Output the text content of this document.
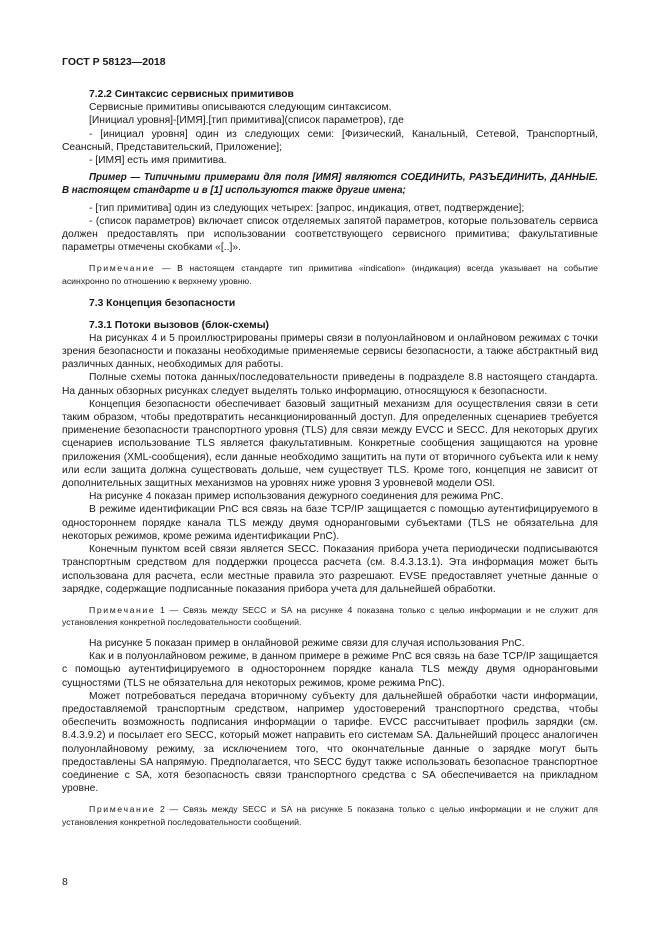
ГОСТ Р 58123—2018

7.2.2 Синтаксис сервисных примитивов

Сервисные примитивы описываются следующим синтаксисом.

[Инициал уровня]-[ИМЯ].[тип примитива](список параметров), где

- [инициал уровня] один из следующих семи: [Физический, Канальный, Сетевой, Транспортный, Сеансный, Представительский, Приложение];

- [ИМЯ] есть имя примитива.

Пример — Типичными примерами для поля [ИМЯ] являются СОЕДИНИТЬ, РАЗЪЕДИНИТЬ, ДАННЫЕ. В настоящем стандарте и в [1] используются также другие имена;

- [тип примитива] один из следующих четырех: [запрос, индикация, ответ, подтверждение];

- (список параметров) включает список отделяемых запятой параметров, которые пользователь сервиса должен предоставлять при использовании соответствующего сервисного примитива; факультативные параметры отмечены скобками «[..]».

Примечание — В настоящем стандарте тип примитива «indication» (индикация) всегда указывает на событие асинхронно по отношению к верхнему уровню.

7.3 Концепция безопасности

7.3.1 Потоки вызовов (блок-схемы)

На рисунках 4 и 5 проиллюстрированы примеры связи в полуонлайновом и онлайновом режимах с точки зрения безопасности и показаны необходимые применяемые сервисы безопасности, а также абстрактный вид различных данных, необходимых для работы.

Полные схемы потока данных/последовательности приведены в подразделе 8.8 настоящего стандарта. На данных обзорных рисунках следует выделять только информацию, относящуюся к безопасности.

Концепция безопасности обеспечивает базовый защитный механизм для осуществления связи в сети таким образом, чтобы предотвратить несанкционированный доступ. Для определенных сценариев требуется применение безопасности транспортного уровня (TLS) для связи между EVCC и SECC. Для некоторых других сценариев использование TLS является факультативным. Конкретные сообщения защищаются на уровне приложения (XML-сообщения), если данные необходимо защитить на пути от вторичного субъекта или к нему или если защита должна существовать дольше, чем существует TLS. Кроме того, концепция не зависит от дополнительных защитных механизмов на уровнях ниже уровня 3 уровневой модели OSI.

На рисунке 4 показан пример использования дежурного соединения для режима PnC.

В режиме идентификации PnC вся связь на базе TCP/IP защищается с помощью аутентифицируемого в одностороннем порядке канала TLS между двумя одноранговыми субъектами (TLS не обязательна для некоторых режимов, кроме режима идентификации PnC).

Конечным пунктом всей связи является SECC. Показания прибора учета периодически подписываются транспортным средством для поддержки процесса расчета (см. 8.4.3.13.1). Эта информация может быть использована для расчета, если местные правила это разрешают. EVSE предоставляет учетные данные о зарядке, содержащие подписанные показания прибора учета для дальнейшей обработки.

Примечание 1 — Связь между SECC и SA на рисунке 4 показана только с целью информации и не служит для установления конкретной последовательности сообщений.

На рисунке 5 показан пример в онлайновой режиме связи для случая использования PnC.

Как и в полуонлайновом режиме, в данном примере в режиме PnC вся связь на базе TCP/IP защищается с помощью аутентифицируемого в одностороннем порядке канала TLS между двумя одноранговыми сущностями (TLS не обязательна для некоторых режимов, кроме режима PnC).

Может потребоваться передача вторичному субъекту для дальнейшей обработки части информации, предоставляемой транспортным средством, например удостоверений транспортного средства, чтобы обеспечить возможность подписания информации о тарифе. EVCC рассчитывает профиль зарядки (см. 8.4.3.9.2) и посылает его SECC, который может направить его системам SA. Дальнейший процесс аналогичен полуонлайновому режиму, за исключением того, что окончательные данные о зарядке могут быть предоставлены SA напрямую. Предполагается, что SECC будут также использовать безопасное транспортное соединение с SA, хотя безопасность связи транспортного средства с SA обеспечивается на прикладном уровне.

Примечание 2 — Связь между SECC и SA на рисунке 5 показана только с целью информации и не служит для установления конкретной последовательности сообщений.

8
